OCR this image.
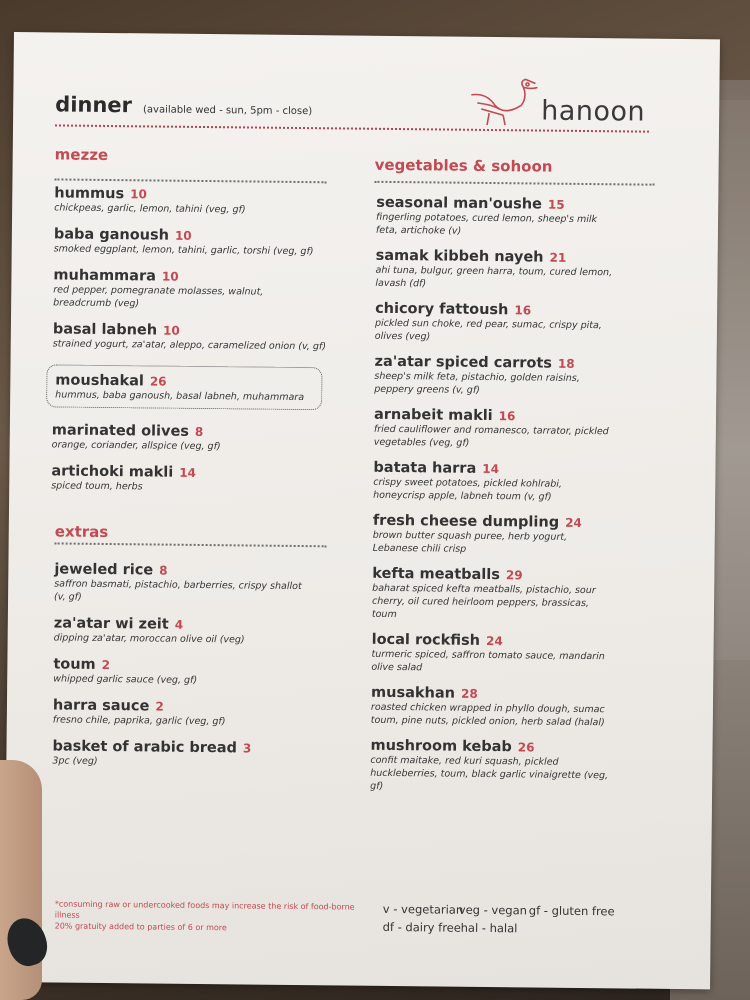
dinner (available wed - sun, 5pm - close)	hanoon
mezze
hummus 10
chickpeas, garlic, lemon, tahini (veg, gf)
baba ganoush 10
smoked eggplant, lemon, tahini, garlic, torshi (veg, gf)
muhammara 10
red pepper, pomegranate molasses, walnut, breadcrumb (veg)
basal labneh 10
strained yogurt, za'atar, aleppo, caramelized onion (v, gf)
moushakal 26
hummus, baba ganoush, basal labneh, muhammara
marinated olives 8
orange, coriander, allspice (veg, gf)
artichoki makli 14
spiced toum, herbs
extras
jeweled rice 8
saffron basmati, pistachio, barberries, crispy shallot (v, gf)
za'atar wi zeit 4
dipping za'atar, moroccan olive oil (veg)
toum 2
whipped garlic sauce (veg, gf)
harra sauce 2
fresno chile, paprika, garlic (veg, gf)
basket of arabic bread 3
3pc (veg)
vegetables & sohoon
seasonal man'oushe 15
fingerling potatoes, cured lemon, sheep's milk feta, artichoke (v)
samak kibbeh nayeh 21
ahi tuna, bulgur, green harra, toum, cured lemon, lavash (df)
chicory fattoush 16
pickled sun choke, red pear, sumac, crispy pita, olives (veg)
za'atar spiced carrots 18
sheep's milk feta, pistachio, golden raisins, peppery greens (v, gf)
arnabeit makli 16
fried cauliflower and romanesco, tarrator, pickled vegetables (veg, gf)
batata harra 14
crispy sweet potatoes, pickled kohlrabi, honeycrisp apple, labneh toum (v, gf)
fresh cheese dumpling 24
brown butter squash puree, herb yogurt, Lebanese chili crisp
kefta meatballs 29
baharat spiced kefta meatballs, pistachio, sour cherry, oil cured heirloom peppers, brassicas, toum
local rockfish 24
turmeric spiced, saffron tomato sauce, mandarin olive salad
musakhan 28
roasted chicken wrapped in phyllo dough, sumac toum, pine nuts, pickled onion, herb salad (halal)
mushroom kebab 26
confit maitake, red kuri squash, pickled huckleberries, toum, black garlic vinaigrette (veg, gf)
*consuming raw or undercooked foods may increase the risk of food-borne illness
20% gratuity added to parties of 6 or more
v - vegetarian
veg - vegan gf - gluten free
df - dairy free hal - halal
